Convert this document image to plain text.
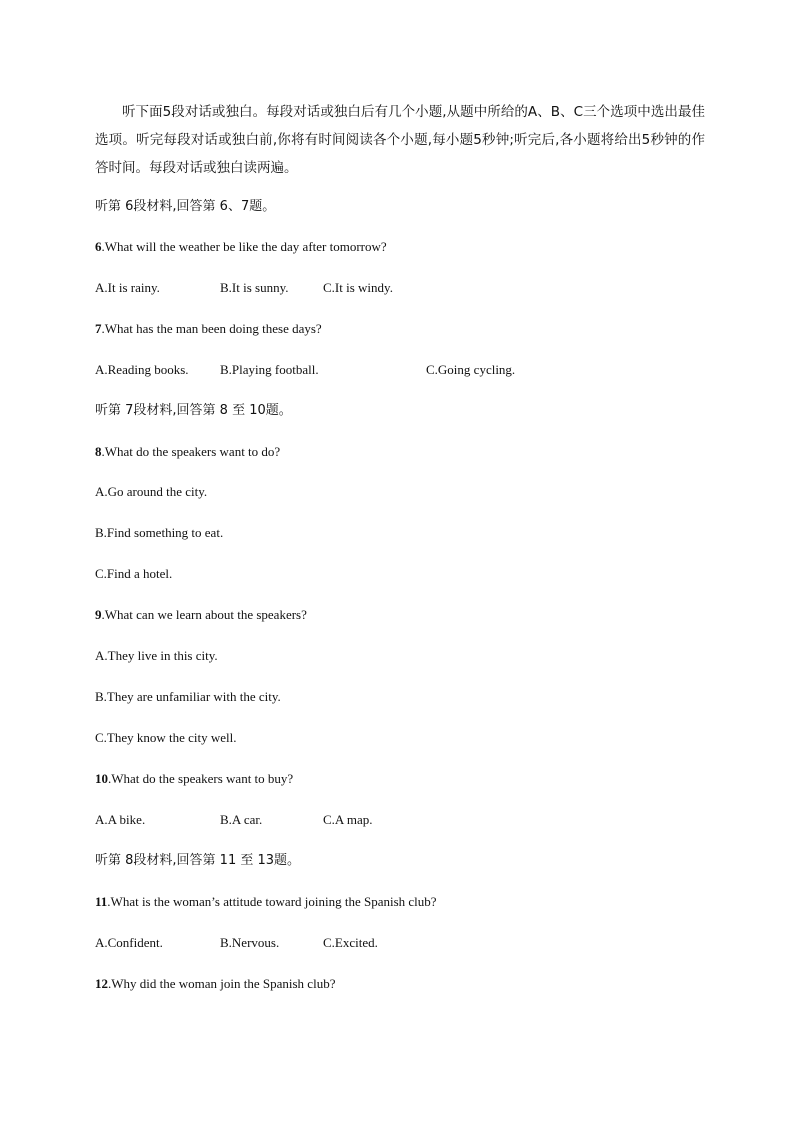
听下面5段对话或独白。每段对话或独白后有几个小题,从题中所给的A、B、C三个选项中选出最佳选项。听完每段对话或独白前,你将有时间阅读各个小题,每小题5秒钟;听完后,各小题将给出5秒钟的作答时间。每段对话或独白读两遍。
听第 6段材料,回答第 6、7题。
6.What will the weather be like the day after tomorrow?
A.It is rainy.	B.It is sunny.	C.It is windy.
7.What has the man been doing these days?
A.Reading books. B.Playing football.	C.Going cycling.
听第 7段材料,回答第 8 至 10题。
8.What do the speakers want to do?
A.Go around the city.
B.Find something to eat.
C.Find a hotel.
9.What can we learn about the speakers?
A.They live in this city.
B.They are unfamiliar with the city.
C.They know the city well.
10.What do the speakers want to buy?
A.A bike.	B.A car.	C.A map.
听第 8段材料,回答第 11 至 13题。
11.What is the woman’s attitude toward joining the Spanish club?
A.Confident.	B.Nervous.	C.Excited.
12.Why did the woman join the Spanish club?
